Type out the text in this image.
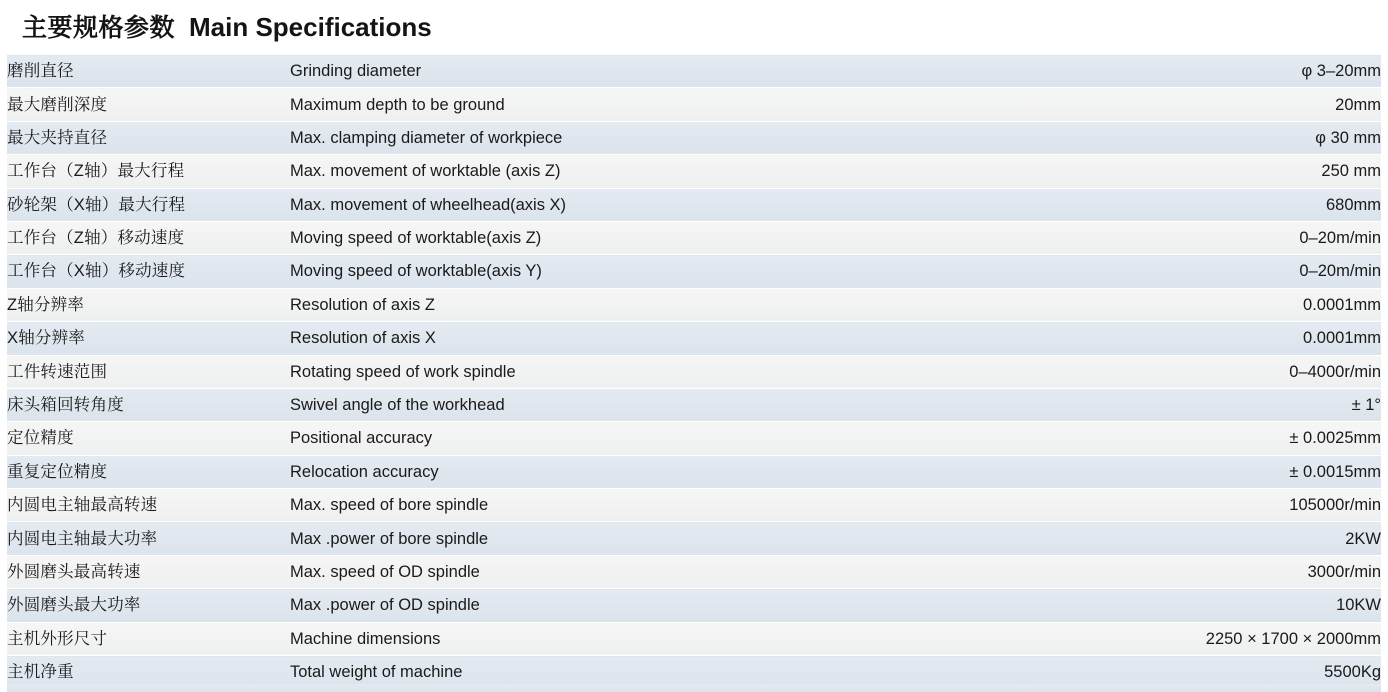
主要规格参数 Main Specifications
磨削直径	Grinding diameter	φ 3–20mm
最大磨削深度	Maximum depth to be ground	20mm
最大夹持直径	Max. clamping diameter of workpiece	φ 30 mm
工作台（Z轴）最大行程	Max. movement of worktable (axis Z)	250 mm
砂轮架（X轴）最大行程	Max. movement of wheelhead(axis X)	680mm
工作台（Z轴）移动速度	Moving speed of worktable(axis Z)	0–20m/min
工作台（X轴）移动速度	Moving speed of worktable(axis Y)	0–20m/min
Z轴分辨率	Resolution of axis Z	0.0001mm
X轴分辨率	Resolution of axis X	0.0001mm
工件转速范围	Rotating speed of work spindle	0–4000r/min
床头箱回转角度	Swivel angle of the workhead	± 1°
定位精度	Positional accuracy	± 0.0025mm
重复定位精度	Relocation accuracy	± 0.0015mm
内圆电主轴最高转速	Max. speed of bore spindle	105000r/min
内圆电主轴最大功率	Max .power of bore spindle	2KW
外圆磨头最高转速	Max. speed of OD spindle	3000r/min
外圆磨头最大功率	Max .power of OD spindle	10KW
主机外形尺寸	Machine dimensions	2250 × 1700 × 2000mm
主机净重	Total weight of machine	5500Kg
